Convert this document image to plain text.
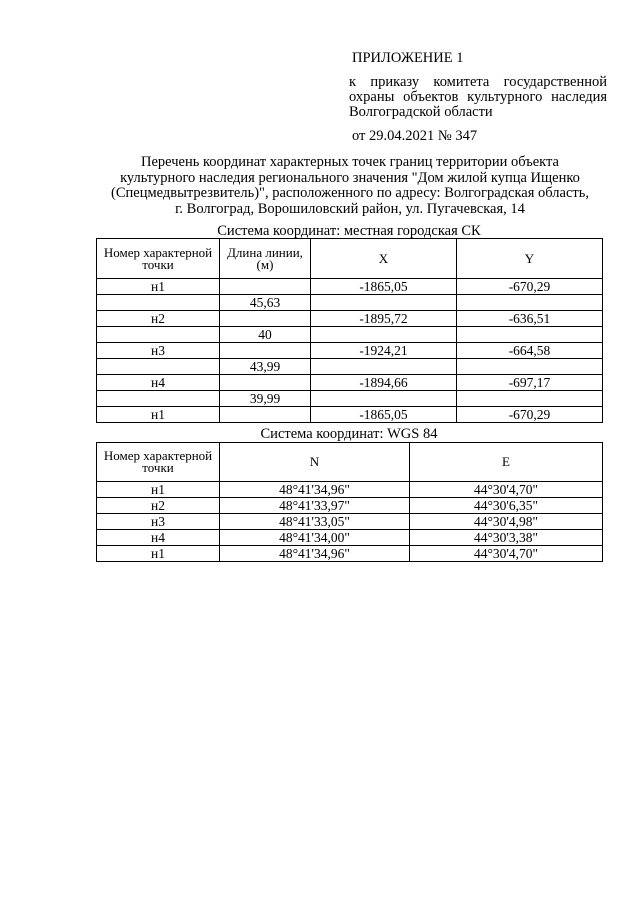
ПРИЛОЖЕНИЕ 1
к приказу комитета государственной
охраны объектов культурного наследия
Волгоградской области
от 29.04.2021 № 347
Перечень координат характерных точек границ территории объекта
культурного наследия регионального значения "Дом жилой купца Ищенко
(Спецмедвытрезвитель)", расположенного по адресу: Волгоградская область,
г. Волгоград, Ворошиловский район, ул. Пугачевская, 14
Система координат: местная городская СК
Номер характерной точки	Длина линии, (м)	X	Y
н1		-1865,05	-670,29
	45,63		
н2		-1895,72	-636,51
	40		
н3		-1924,21	-664,58
	43,99		
н4		-1894,66	-697,17
	39,99		
н1		-1865,05	-670,29
Система координат: WGS 84
Номер характерной точки	N	E
н1	48°41'34,96"	44°30'4,70"
н2	48°41'33,97"	44°30'6,35"
н3	48°41'33,05"	44°30'4,98"
н4	48°41'34,00"	44°30'3,38"
н1	48°41'34,96"	44°30'4,70"
